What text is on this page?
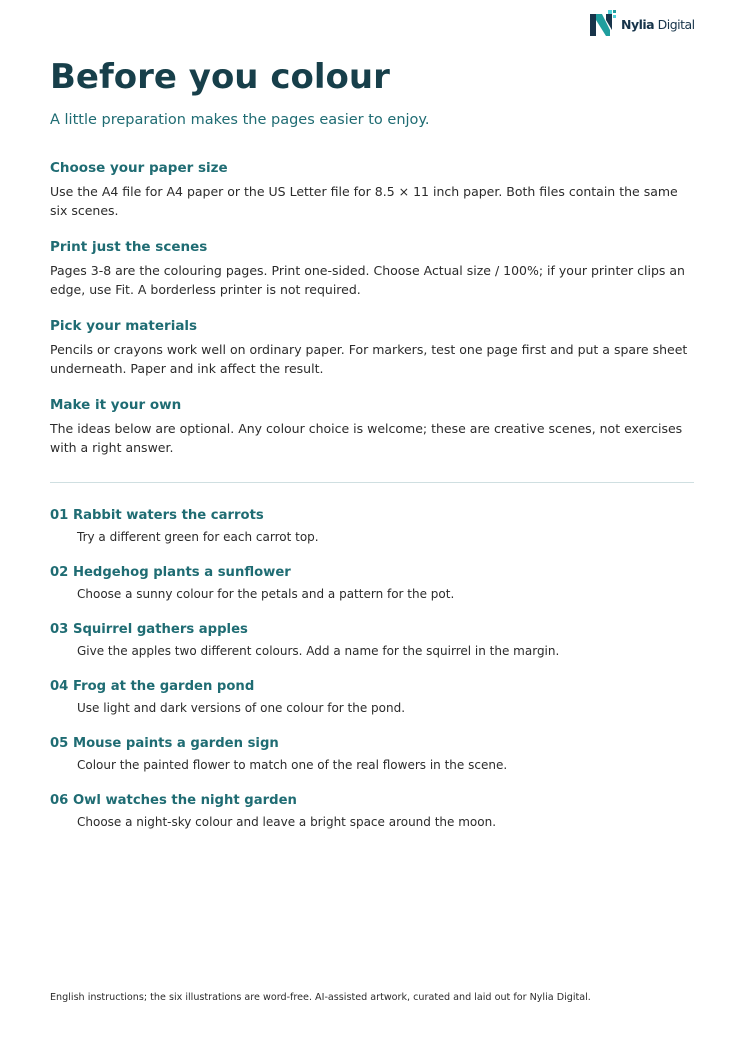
Nylia Digital
Before you colour

A little preparation makes the pages easier to enjoy.

Choose your paper size

Use the A4 file for A4 paper or the US Letter file for 8.5 × 11 inch paper. Both files contain the same six scenes.

Print just the scenes

Pages 3-8 are the colouring pages. Print one-sided. Choose Actual size / 100%; if your printer clips an edge, use Fit. A borderless printer is not required.

Pick your materials

Pencils or crayons work well on ordinary paper. For markers, test one page first and put a spare sheet underneath. Paper and ink affect the result.

Make it your own

The ideas below are optional. Any colour choice is welcome; these are creative scenes, not exercises with a right answer.

01 Rabbit waters the carrots

Try a different green for each carrot top.

02 Hedgehog plants a sunflower

Choose a sunny colour for the petals and a pattern for the pot.

03 Squirrel gathers apples

Give the apples two different colours. Add a name for the squirrel in the margin.

04 Frog at the garden pond

Use light and dark versions of one colour for the pond.

05 Mouse paints a garden sign

Colour the painted flower to match one of the real flowers in the scene.

06 Owl watches the night garden

Choose a night-sky colour and leave a bright space around the moon.

English instructions; the six illustrations are word-free. AI-assisted artwork, curated and laid out for Nylia Digital.
